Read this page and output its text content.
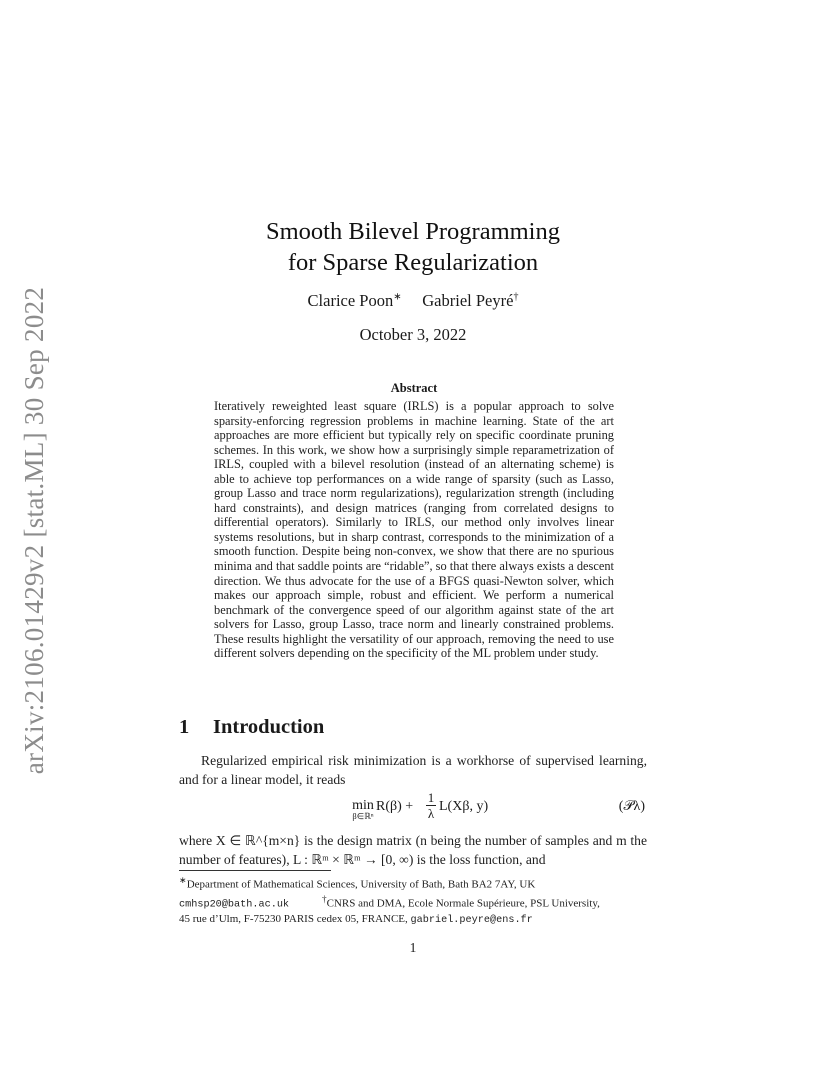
arXiv:2106.01429v2 [stat.ML] 30 Sep 2022
Smooth Bilevel Programming
for Sparse Regularization
Clarice Poon∗ Gabriel Peyré†
October 3, 2022
Abstract
Iteratively reweighted least square (IRLS) is a popular approach to solve sparsity-enforcing regression problems in machine learning. State of the art approaches are more efficient but typically rely on specific coordinate pruning schemes. In this work, we show how a surprisingly simple reparametrization of IRLS, coupled with a bilevel resolution (instead of an alternating scheme) is able to achieve top performances on a wide range of sparsity (such as Lasso, group Lasso and trace norm regularizations), regularization strength (including hard constraints), and design matrices (ranging from correlated designs to differential operators). Similarly to IRLS, our method only involves linear systems resolutions, but in sharp contrast, corresponds to the minimization of a smooth function. Despite being non-convex, we show that there are no spurious minima and that saddle points are “ridable”, so that there always exists a descent direction. We thus advocate for the use of a BFGS quasi-Newton solver, which makes our approach simple, robust and efficient. We perform a numerical benchmark of the convergence speed of our algorithm against state of the art solvers for Lasso, group Lasso, trace norm and linearly constrained problems. These results highlight the versatility of our approach, removing the need to use different solvers depending on the specificity of the ML problem under study.
1 Introduction
Regularized empirical risk minimization is a workhorse of supervised learning, and for a linear model, it reads
min
β∈ℝⁿ
R(β) +
1
λ L(Xβ, y)	(𝒫λ)
where X ∈ ℝ^{m×n} is the design matrix (n being the number of samples and m the number of features), L : ℝᵐ × ℝᵐ → [0, ∞) is the loss function, and
∗Department of Mathematical Sciences, University of Bath, Bath BA2 7AY, UK
cmhsp20@bath.ac.uk            †CNRS and DMA, Ecole Normale Supérieure, PSL University,
45 rue d’Ulm, F-75230 PARIS cedex 05, FRANCE, gabriel.peyre@ens.fr
1
